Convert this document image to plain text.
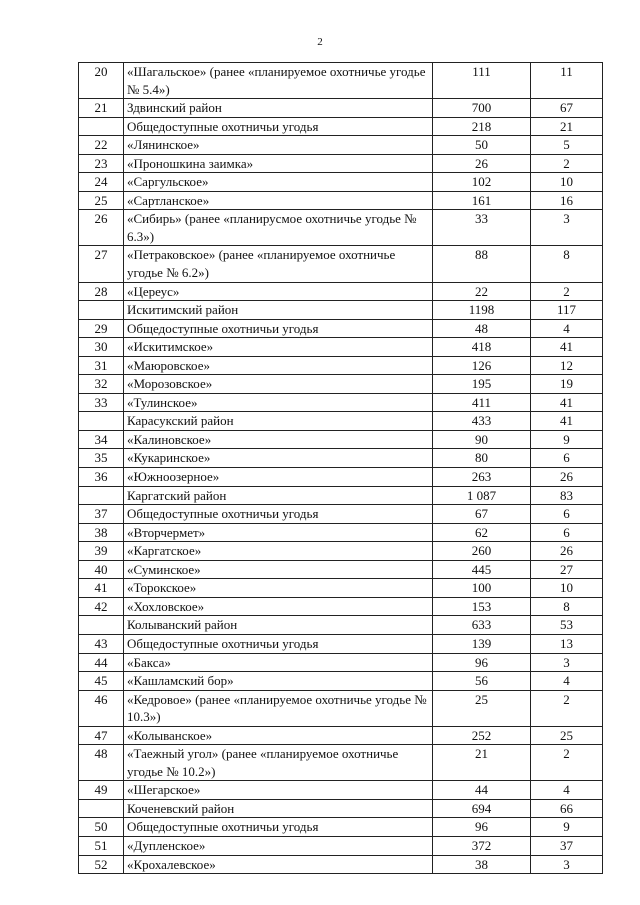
2
20	«Шагальское» (ранее «планируемое охотничье угодье № 5.4»)	111	11
21	Здвинский район	700	67
	Общедоступные охотничьи угодья	218	21
22	«Лянинское»	50	5
23	«Проношкина заимка»	26	2
24	«Саргульское»	102	10
25	«Сартланское»	161	16
26	«Сибирь» (ранее «планирусмое охотничье угодье № 6.3»)	33	3
27	«Петраковское» (ранее «планируемое охотничье угодье № 6.2»)	88	8
28	«Цереус»	22	2
	Искитимский район	1198	117
29	Общедоступные охотничьи угодья	48	4
30	«Искитимское»	418	41
31	«Маюровское»	126	12
32	«Морозовское»	195	19
33	«Тулинское»	411	41
	Карасукский район	433	41
34	«Калиновское»	90	9
35	«Кукаринское»	80	6
36	«Южноозерное»	263	26
	Каргатский район	1 087	83
37	Общедоступные охотничьи угодья	67	6
38	«Вторчермет»	62	6
39	«Каргатское»	260	26
40	«Суминское»	445	27
41	«Торокское»	100	10
42	«Хохловское»	153	8
	Колыванский район	633	53
43	Общедоступные охотничьи угодья	139	13
44	«Бакса»	96	3
45	«Кашламский бор»	56	4
46	«Кедровое» (ранее «планируемое охотничье угодье № 10.3»)	25	2
47	«Колыванское»	252	25
48	«Таежный угол» (ранее «планируемое охотничье угодье № 10.2»)	21	2
49	«Шегарское»	44	4
	Коченевский район	694	66
50	Общедоступные охотничьи угодья	96	9
51	«Дупленское»	372	37
52	«Крохалевское»	38	3
